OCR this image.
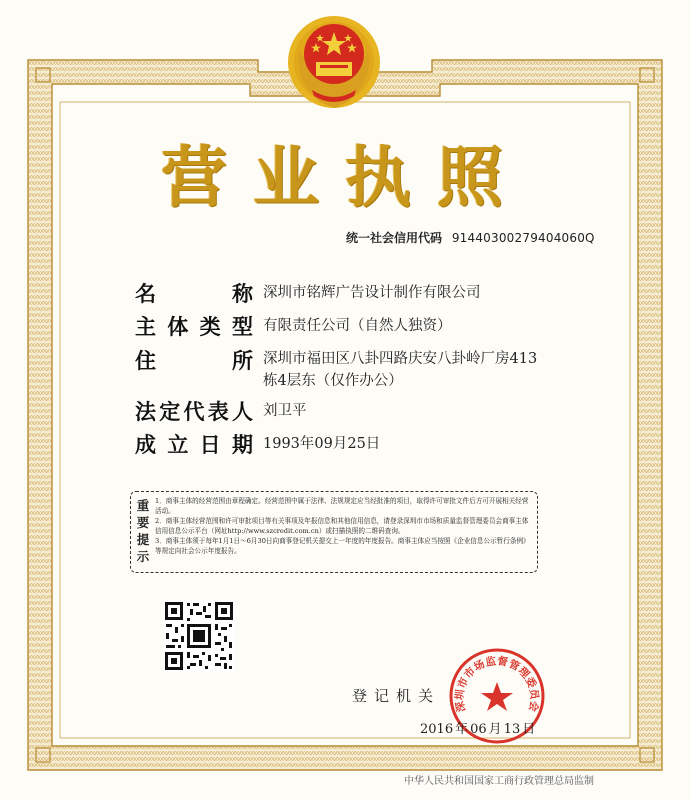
营业执照
统一社会信用代码 91440300279404060Q
名	称 深圳市铭辉广告设计制作有限公司
主 体 类 型 有限责任公司（自然人独资）
住	所 深圳市福田区八卦四路庆安八卦岭厂房413
栋4层东（仅作办公）
法 定 代 表 人 刘卫平
成 立 日 期 1993年09月25日
重
要
提
示

1．商事主体的经营范围由章程确定。经营范围中属于法律、法规规定应当经批准的项目，取得许可审批文件后方可开展相关经营活动。

2．商事主体经营范围和许可审批项目等有关事项及年报信息和其他信用信息，请登录深圳市市场和质量监督管理委员会商事主体信用信息公示平台（网址http://www.szcredit.com.cn）或扫描执照的二维码查询。

3．商事主体须于每年1月1日～6月30日向商事登记机关提交上一年度的年度报告。商事主体应当按照《企业信息公示暂行条例》等规定向社会公示年度报告。

登记机关
深圳市市场监督管理委员会
2016 年 06 月 13 日
中华人民共和国国家工商行政管理总局监制
